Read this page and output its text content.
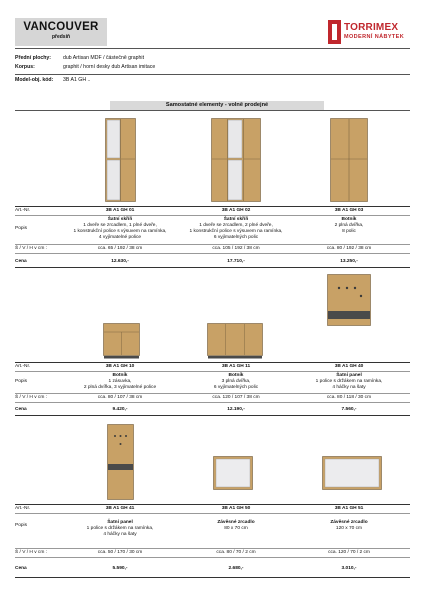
VANCOUVER
předsíň
TORRIMEX
MODERNÍ NÁBYTEK
Přední plochy: dub Artisan MDF / částečně graphit
Korpus:	graphit / horní desky dub Artisan imitace
Model-obj. kód: 3B A1 GH ..
Samostatné elementy - volně prodejné
Art.-Nr.	3B A1 GH 01	3B A1 GH 02	3B A1 GH 03
Popis
Šatní skříň
1 dveře se zrcadlem, 1 plné dveře,
1 konstrukční police s výsuvem na ramínka,
4 vyjímatelné police
Šatní skříň
1 dveře se zrcadlem, 2 plné dveře,
1 konstrukční police s výsuvem na ramínka,
6 vyjímatelných polic
Botník
2 plná dvířka,
8 polic
Š / V / H v cm :	cca. 65 / 192 / 38 cm	cca. 105 / 192 / 38 cm	cca. 80 / 192 / 38 cm
Cena	12.630,-	17.710,-	13.250,-
Art.-Nr.	3B A1 GH 10	3B A1 GH 11	3B A1 GH 40
Popis
Botník
1 zásuvka,
2 plná dvířka, 3 vyjímatelné police
Botník
3 plná dvířka,
6 vyjímatelných polic
Šatní panel
1 police s držákem na ramínka,
4 háčky na šaty
Š / V / H v cm :	cca. 80 / 107 / 38 cm	cca. 120 / 107 / 38 cm	cca. 80 / 118 / 30 cm
Cena	9.420,-	12.190,-	7.560,-
Art.-Nr.	3B A1 GH 41	3B A1 GH 50	3B A1 GH 51
Popis
Šatní panel
1 police s držákem na ramínka,
4 háčky na šaty
Závěsné zrcadlo
80 x 70 cm
Závěsné zrcadlo
120 x 70 cm
Š / V / H v cm :	cca. 50 / 170 / 30 cm	cca. 80 / 70 / 2 cm	cca. 120 / 70 / 2 cm
Cena	5.590,-	2.680,-	3.010,-
